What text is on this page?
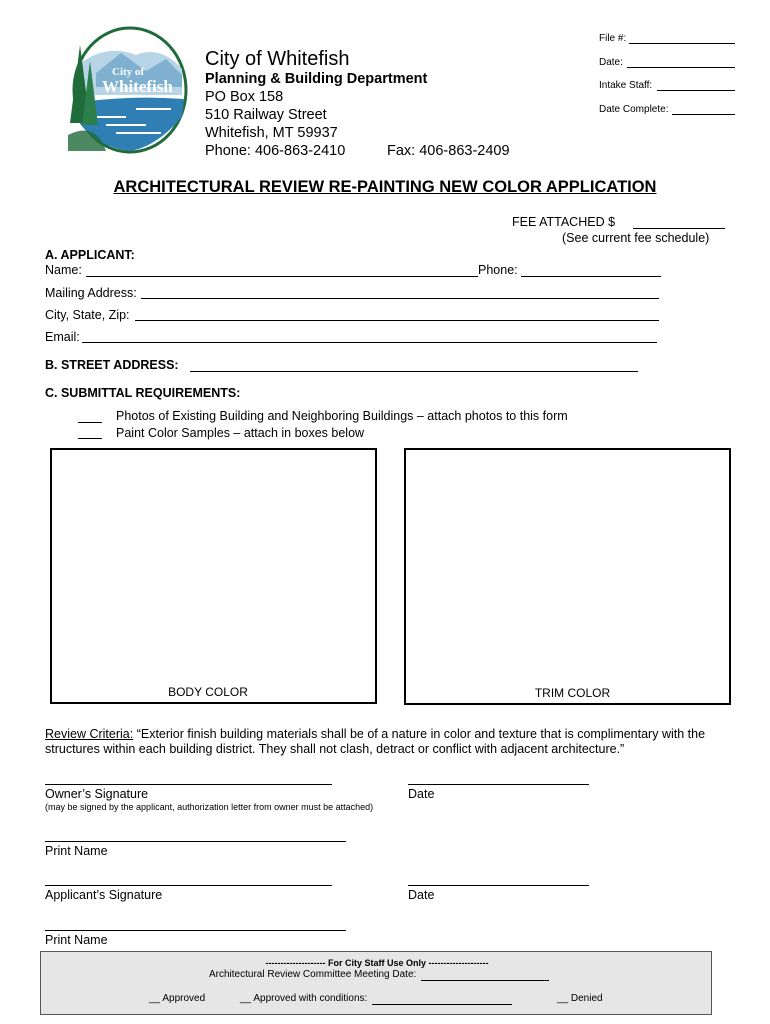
City of
Whitefish
City of Whitefish
Planning & Building Department
PO Box 158
510 Railway Street
Whitefish, MT 59937
Phone: 406-863-2410	Fax: 406-863-2409
File #:
Date:
Intake Staff:
Date Complete:
ARCHITECTURAL REVIEW RE-PAINTING NEW COLOR APPLICATION
FEE ATTACHED $
(See current fee schedule)
A. APPLICANT:
Name:	Phone:
Mailing Address:
City, State, Zip:
Email:
B. STREET ADDRESS:
C. SUBMITTAL REQUIREMENTS:
Photos of Existing Building and Neighboring Buildings – attach photos to this form
Paint Color Samples – attach in boxes below
BODY COLOR	TRIM COLOR
Review Criteria: “Exterior finish building materials shall be of a nature in color and texture that is complimentary with the
structures within each building district. They shall not clash, detract or conflict with adjacent architecture.”
Owner’s Signature	Date
(may be signed by the applicant, authorization letter from owner must be attached)
Print Name
Applicant’s Signature	Date
Print Name
-------------------- For City Staff Use Only --------------------
Architectural Review Committee Meeting Date:
__ Approved	__ Approved with conditions:	__ Denied
